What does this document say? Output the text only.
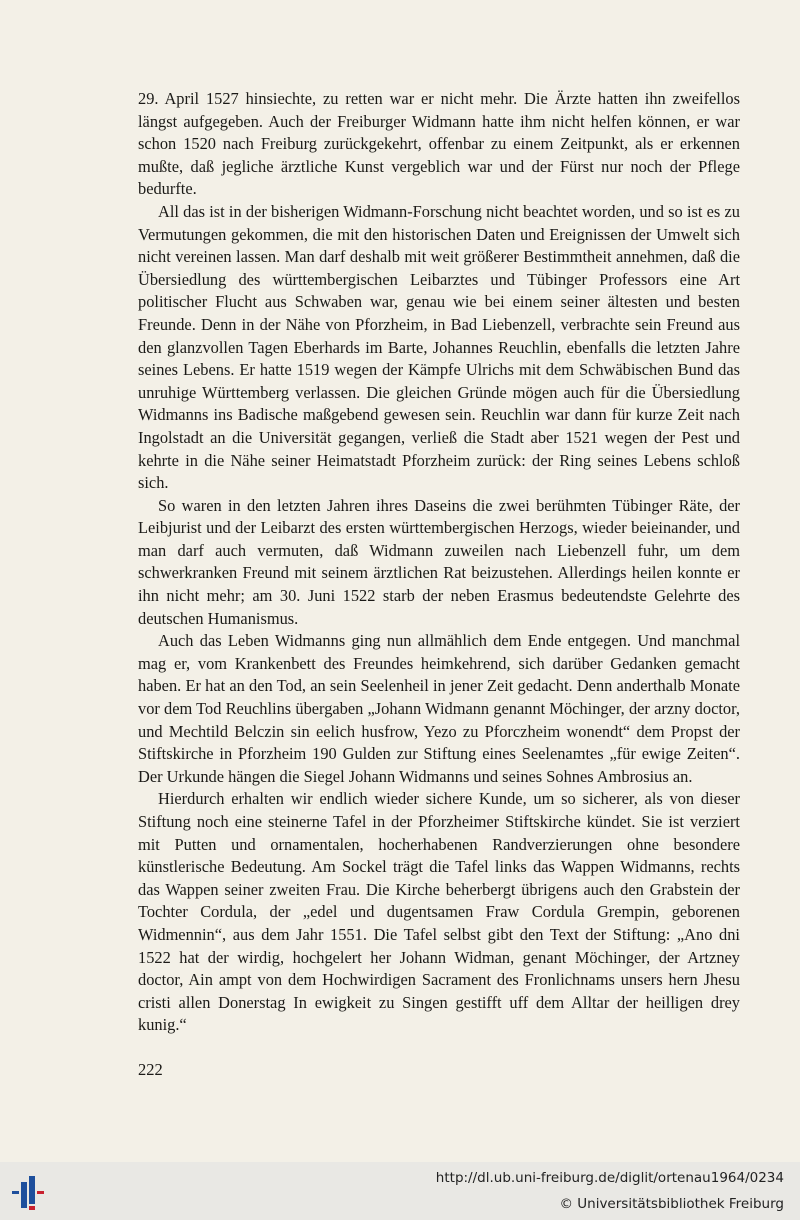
29. April 1527 hinsiechte, zu retten war er nicht mehr. Die Ärzte hatten ihn zweifellos längst aufgegeben. Auch der Freiburger Widmann hatte ihm nicht helfen können, er war schon 1520 nach Freiburg zurückgekehrt, offenbar zu einem Zeitpunkt, als er erkennen mußte, daß jegliche ärztliche Kunst vergeblich war und der Fürst nur noch der Pflege bedurfte.

All das ist in der bisherigen Widmann-Forschung nicht beachtet worden, und so ist es zu Vermutungen gekommen, die mit den historischen Daten und Ereignissen der Umwelt sich nicht vereinen lassen. Man darf deshalb mit weit größerer Bestimmtheit annehmen, daß die Übersiedlung des württembergischen Leibarztes und Tübinger Professors eine Art politischer Flucht aus Schwaben war, genau wie bei einem seiner ältesten und besten Freunde. Denn in der Nähe von Pforzheim, in Bad Liebenzell, verbrachte sein Freund aus den glanzvollen Tagen Eberhards im Barte, Johannes Reuchlin, ebenfalls die letzten Jahre seines Lebens. Er hatte 1519 wegen der Kämpfe Ulrichs mit dem Schwäbischen Bund das unruhige Württemberg verlassen. Die gleichen Gründe mögen auch für die Übersiedlung Widmanns ins Badische maßgebend gewesen sein. Reuchlin war dann für kurze Zeit nach Ingolstadt an die Universität gegangen, verließ die Stadt aber 1521 wegen der Pest und kehrte in die Nähe seiner Heimatstadt Pforzheim zurück: der Ring seines Lebens schloß sich.

So waren in den letzten Jahren ihres Daseins die zwei berühmten Tübinger Räte, der Leibjurist und der Leibarzt des ersten württembergischen Herzogs, wieder beieinander, und man darf auch vermuten, daß Widmann zuweilen nach Liebenzell fuhr, um dem schwerkranken Freund mit seinem ärztlichen Rat beizustehen. Allerdings heilen konnte er ihn nicht mehr; am 30. Juni 1522 starb der neben Erasmus bedeutendste Gelehrte des deutschen Humanismus.

Auch das Leben Widmanns ging nun allmählich dem Ende entgegen. Und manchmal mag er, vom Krankenbett des Freundes heimkehrend, sich darüber Gedanken gemacht haben. Er hat an den Tod, an sein Seelenheil in jener Zeit gedacht. Denn anderthalb Monate vor dem Tod Reuchlins übergaben „Johann Widmann genannt Möchinger, der arzny doctor, und Mechtild Belczin sin eelich husfrow, Yezo zu Pforczheim wonendt“ dem Propst der Stiftskirche in Pforzheim 190 Gulden zur Stiftung eines Seelenamtes „für ewige Zeiten“. Der Urkunde hängen die Siegel Johann Widmanns und seines Sohnes Ambrosius an.

Hierdurch erhalten wir endlich wieder sichere Kunde, um so sicherer, als von dieser Stiftung noch eine steinerne Tafel in der Pforzheimer Stiftskirche kündet. Sie ist verziert mit Putten und ornamentalen, hocherhabenen Randverzierungen ohne besondere künstlerische Bedeutung. Am Sockel trägt die Tafel links das Wappen Widmanns, rechts das Wappen seiner zweiten Frau. Die Kirche beherbergt übrigens auch den Grabstein der Tochter Cordula, der „edel und dugentsamen Fraw Cordula Grempin, geborenen Widmennin“, aus dem Jahr 1551. Die Tafel selbst gibt den Text der Stiftung: „Ano dni 1522 hat der wirdig, hochgelert her Johann Widman, genant Möchinger, der Artzney doctor, Ain ampt von dem Hochwirdigen Sacrament des Fronlichnams unsers hern Jhesu cristi allen Donerstag In ewigkeit zu Singen gestifft uff dem Alltar der heilligen drey kunig.“

222
http://dl.ub.uni-freiburg.de/diglit/ortenau1964/0234
© Universitätsbibliothek Freiburg
